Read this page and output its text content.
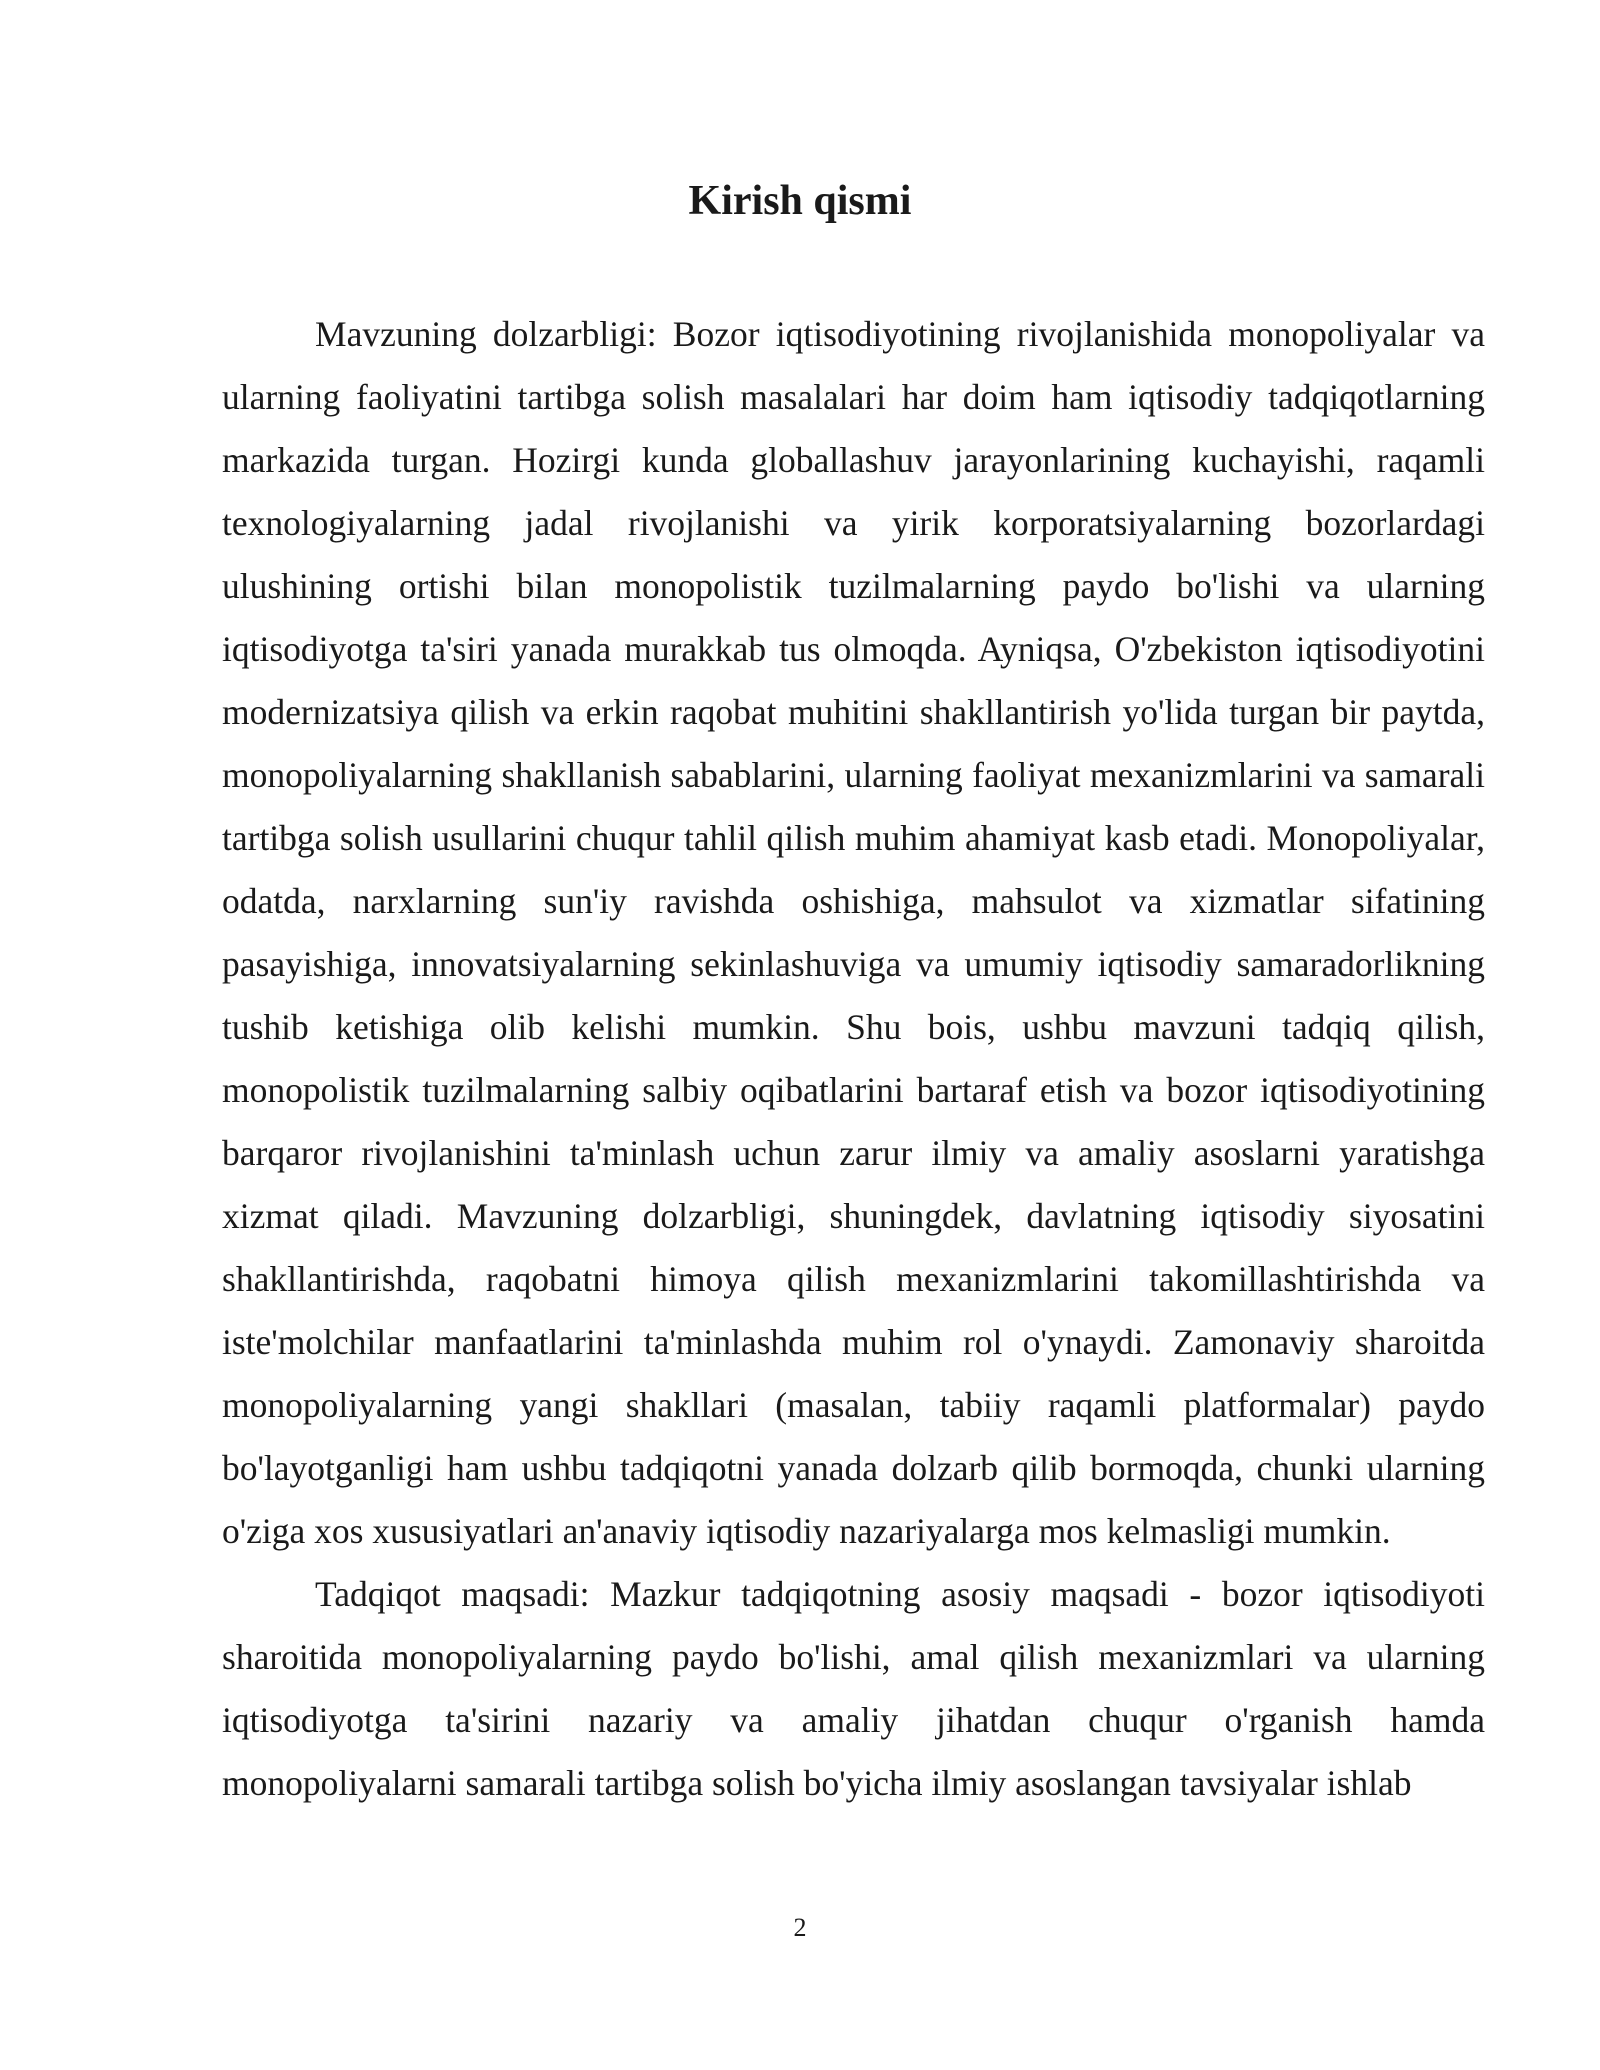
Kirish qismi

Mavzuning dolzarbligi: Bozor iqtisodiyotining rivojlanishida monopoliyalar va ularning faoliyatini tartibga solish masalalari har doim ham iqtisodiy tadqiqotlarning markazida turgan. Hozirgi kunda globallashuv jarayonlarining kuchayishi, raqamli texnologiyalarning jadal rivojlanishi va yirik korporatsiyalarning bozorlardagi ulushining ortishi bilan monopolistik tuzilmalarning paydo bo'lishi va ularning iqtisodiyotga ta'siri yanada murakkab tus olmoqda. Ayniqsa, O'zbekiston iqtisodiyotini modernizatsiya qilish va erkin raqobat muhitini shakllantirish yo'lida turgan bir paytda, monopoliyalarning shakllanish sabablarini, ularning faoliyat mexanizmlarini va samarali tartibga solish usullarini chuqur tahlil qilish muhim ahamiyat kasb etadi. Monopoliyalar, odatda, narxlarning sun'iy ravishda oshishiga, mahsulot va xizmatlar sifatining pasayishiga, innovatsiyalarning sekinlashuviga va umumiy iqtisodiy samaradorlikning tushib ketishiga olib kelishi mumkin. Shu bois, ushbu mavzuni tadqiq qilish, monopolistik tuzilmalarning salbiy oqibatlarini bartaraf etish va bozor iqtisodiyotining barqaror rivojlanishini ta'minlash uchun zarur ilmiy va amaliy asoslarni yaratishga xizmat qiladi. Mavzuning dolzarbligi, shuningdek, davlatning iqtisodiy siyosatini shakllantirishda, raqobatni himoya qilish mexanizmlarini takomillashtirishda va iste'molchilar manfaatlarini ta'minlashda muhim rol o'ynaydi. Zamonaviy sharoitda monopoliyalarning yangi shakllari (masalan, tabiiy raqamli platformalar) paydo bo'layotganligi ham ushbu tadqiqotni yanada dolzarb qilib bormoqda, chunki ularning o'ziga xos xususiyatlari an'anaviy iqtisodiy nazariyalarga mos kelmasligi mumkin.

Tadqiqot maqsadi: Mazkur tadqiqotning asosiy maqsadi - bozor iqtisodiyoti sharoitida monopoliyalarning paydo bo'lishi, amal qilish mexanizmlari va ularning iqtisodiyotga ta'sirini nazariy va amaliy jihatdan chuqur o'rganish hamda monopoliyalarni samarali tartibga solish bo'yicha ilmiy asoslangan tavsiyalar ishlab

2
